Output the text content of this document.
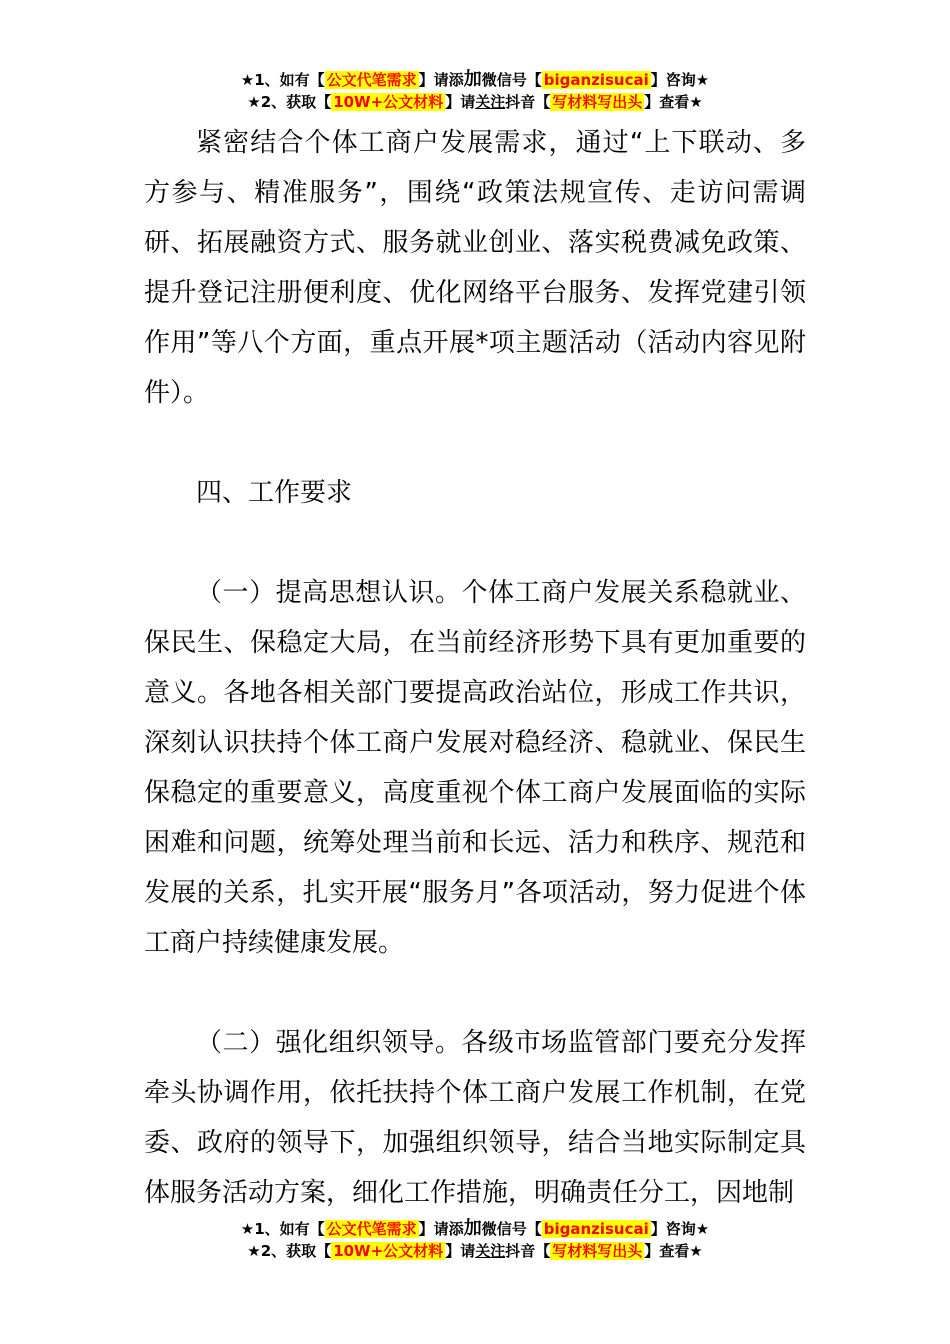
★1、如有【 公文代笔需求 】请添加微信号【 biganzisucai 】咨询★
★2、获取【 10W+公文材料 】请关注抖音【 写材料写出头 】查看★

紧密结合个体工商户发展需求，通过“上下联动、多方参与、精准服务”，围绕“政策法规宣传、走访问需调研、拓展融资方式、服务就业创业、落实税费减免政策、提升登记注册便利度、优化网络平台服务、发挥党建引领作用”等八个方面，重点开展*项主题活动（活动内容见附件）。

四、工作要求

（一）提高思想认识。个体工商户发展关系稳就业、保民生、保稳定大局，在当前经济形势下具有更加重要的意义。各地各相关部门要提高政治站位，形成工作共识，深刻认识扶持个体工商户发展对稳经济、稳就业、保民生保稳定的重要意义，高度重视个体工商户发展面临的实际困难和问题，统筹处理当前和长远、活力和秩序、规范和发展的关系，扎实开展“服务月”各项活动，努力促进个体工商户持续健康发展。

（二）强化组织领导。各级市场监管部门要充分发挥牵头协调作用，依托扶持个体工商户发展工作机制，在党委、政府的领导下，加强组织领导，结合当地实际制定具体服务活动方案，细化工作措施，明确责任分工，因地制

★1、如有【 公文代笔需求 】请添加微信号【 biganzisucai 】咨询★
★2、获取【 10W+公文材料 】请关注抖音【 写材料写出头 】查看★
